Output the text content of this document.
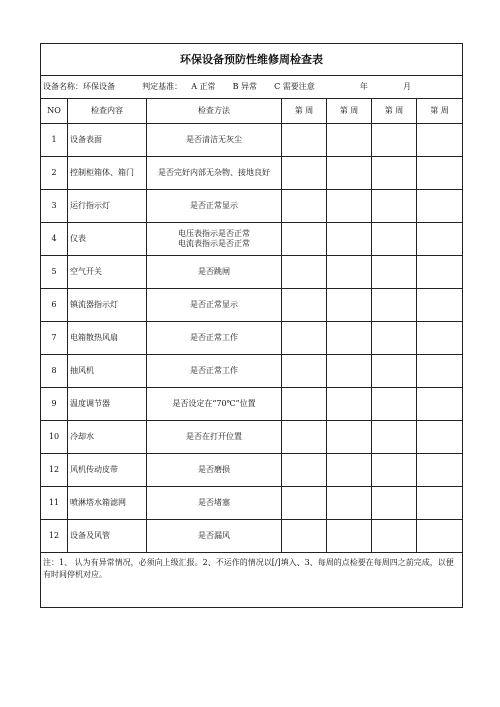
环保设备预防性维修周检查表						
设备名称：环保设备 判定基准： A 正常 B 异常 C 需要注意 年 月						
NO	检查内容	检查方法	第 周	第 周	第 周	第 周
1	设备表面	是否清洁无灰尘				

2	控制柜箱体、箱门	是否完好内部无杂物、接地良好				

3	运行指示灯	是否正常显示				

4	仪表	电压表指示是否正常
电流表指示是否正常				

5	空气开关	是否跳闸				

6	镇流器指示灯	是否正常显示				

7	电箱散热风扇	是否正常工作				

8	抽风机	是否正常工作				

9	温度调节器	是否设定在“70℃”位置				

10	冷却水	是否在打开位置				

12	风机传动皮带	是否磨损				

11	喷淋塔水箱滤网	是否堵塞				

12	设备及风管	是否漏风				

注：1、 认为有异常情况，必须向上级汇报。2、不运作的情况以[/]填入、3、每周的点检要在每周四之前完成，以便有时间停机对应。						
